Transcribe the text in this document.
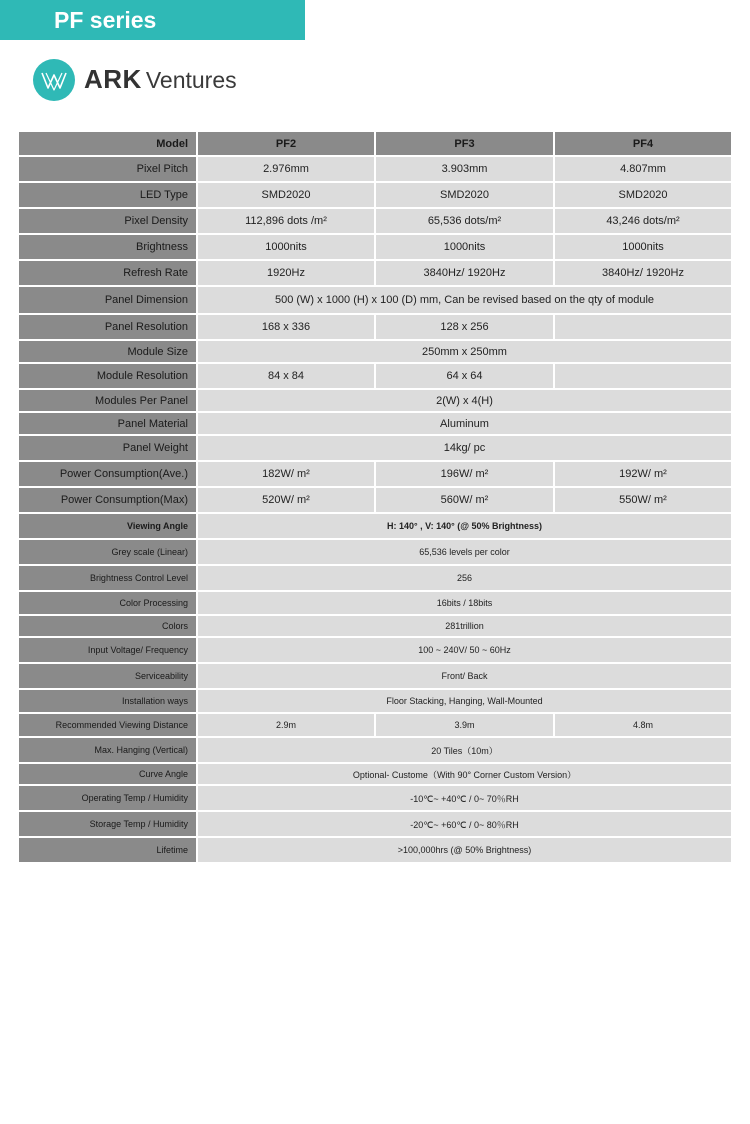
PF series
ARK Ventures
Model	PF2	PF3	PF4
Pixel Pitch	2.976mm	3.903mm	4.807mm
LED Type	SMD2020	SMD2020	SMD2020
Pixel Density	112,896 dots /m²	65,536 dots/m²	43,246 dots/m²
Brightness	1000nits	1000nits	1000nits
Refresh Rate	1920Hz	3840Hz/ 1920Hz	3840Hz/ 1920Hz
Panel Dimension	500 (W) x 1000 (H) x 100 (D) mm, Can be revised based on the qty of module		
Panel Resolution	168 x 336	128 x 256	
Module Size	250mm x 250mm		
Module Resolution	84 x 84	64 x 64	
Modules Per Panel	2(W) x 4(H)		
Panel Material	Aluminum		
Panel Weight	14kg/ pc		
Power Consumption(Ave.)	182W/ m²	196W/ m²	192W/ m²
Power Consumption(Max)	520W/ m²	560W/ m²	550W/ m²
Viewing Angle	H: 140° , V: 140° (@ 50% Brightness)		
Grey scale (Linear)	65,536 levels per color		
Brightness Control Level	256		
Color Processing	16bits / 18bits		
Colors	281trillion		
Input Voltage/ Frequency	100 ~ 240V/ 50 ~ 60Hz		
Serviceability	Front/ Back		
Installation ways	Floor Stacking, Hanging, Wall-Mounted		
Recommended Viewing Distance	2.9m	3.9m	4.8m
Max. Hanging (Vertical)	20 Tiles（10m）		
Curve Angle	Optional- Custome（With 90° Corner Custom Version）		
Operating Temp / Humidity	-10℃~ +40℃ / 0~ 70％RH		
Storage Temp / Humidity	-20℃~ +60℃ / 0~ 80％RH		
Lifetime	>100,000hrs (@ 50% Brightness)		
